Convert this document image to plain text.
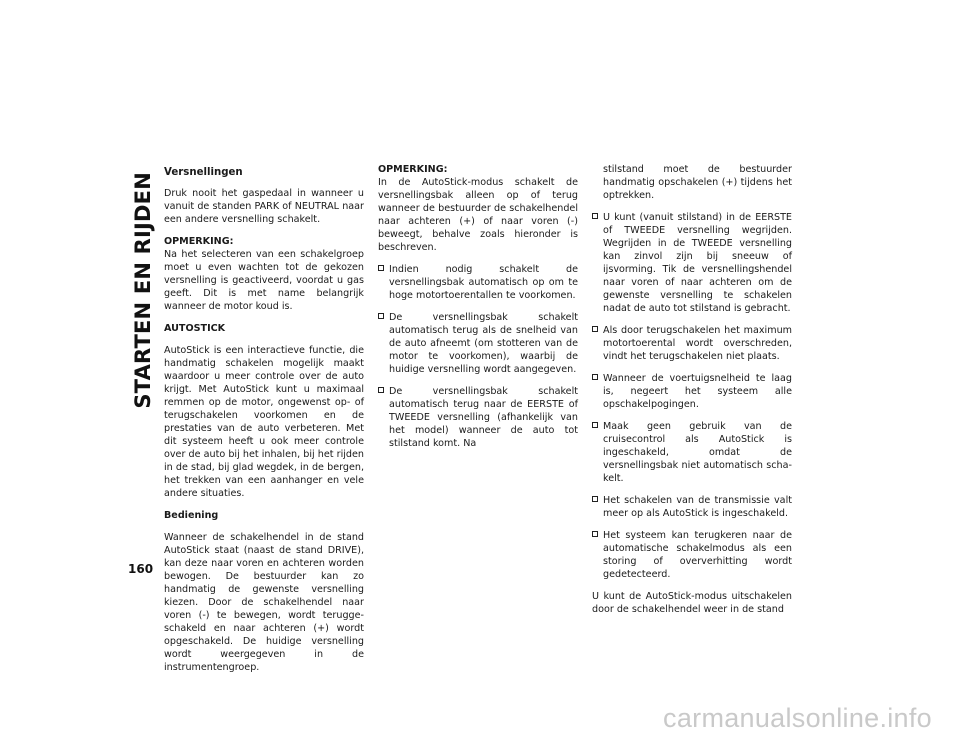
STARTEN EN RIJDEN
160

Versnellingen

Druk nooit het gaspedaal in wanneer u vanuit de standen PARK of NEUTRAL naar een andere versnelling schakelt.

OPMERKING:

Na het selecteren van een schakelgroep moet u even wachten tot de gekozen versnelling is geactiveerd, voordat u gas geeft. Dit is met name belangrijk wanneer de motor koud is.

AUTOSTICK

AutoStick is een interactieve functie, die handmatig schakelen mogelijk maakt waardoor u meer controle over de auto krijgt. Met AutoStick kunt u maximaal remmen op de motor, ongewenst op- of terugschakelen voorkomen en de prestaties van de auto verbeteren. Met dit systeem heeft u ook meer controle over de auto bij het inhalen, bij het rijden in de stad, bij glad wegdek, in de bergen, het trekken van een aanhanger en vele andere situaties.

Bediening

Wanneer de schakelhendel in de stand AutoStick staat (naast de stand DRIVE), kan deze naar voren en achteren worden bewogen. De bestuurder kan zo handmatig de gewenste versnelling kiezen. Door de schakelhendel naar voren (-) te bewegen, wordt teruggeschakeld en naar achteren (+) wordt opgeschakeld. De huidige versnelling wordt weergegeven in de instrumentengroep.

OPMERKING:

In de AutoStick-modus schakelt de versnellingsbak alleen op of terug wanneer de bestuurder de schakelhendel naar achteren (+) of naar voren (-) beweegt, behalve zoals hieronder is beschreven.

Indien nodig schakelt de versnellingsbak automatisch op om te hoge motortoerentallen te voorkomen.
De versnellingsbak schakelt automatisch terug als de snelheid van de auto afneemt (om stotteren van de motor te voorkomen), waarbij de huidige versnelling wordt aangegeven.
De versnellingsbak schakelt automatisch terug naar de EERSTE of TWEEDE versnelling (afhankelijk van het model) wanneer de auto tot stilstand komt. Na

stilstand moet de bestuurder handmatig opschakelen (+) tijdens het optrekken.

U kunt (vanuit stilstand) in de EERSTE of TWEEDE versnelling wegrijden. Wegrijden in de TWEEDE versnelling kan zinvol zijn bij sneeuw of ijsvorming. Tik de versnellingshendel naar voren of naar achteren om de gewenste versnelling te schakelen nadat de auto tot stilstand is gebracht.
Als door terugschakelen het maximum motortoerental wordt overschreden, vindt het terugschakelen niet plaats.
Wanneer de voertuigsnelheid te laag is, negeert het systeem alle opschakelpogingen.
Maak geen gebruik van de cruisecontrol als AutoStick is ingeschakeld, omdat de versnellingsbak niet automatisch schakelt.
Het schakelen van de transmissie valt meer op als AutoStick is ingeschakeld.
Het systeem kan terugkeren naar de automatische schakelmodus als een storing of oververhitting wordt gedetecteerd.

U kunt de AutoStick-modus uitschakelen door de schakelhendel weer in de stand

carmanualsonline.info
